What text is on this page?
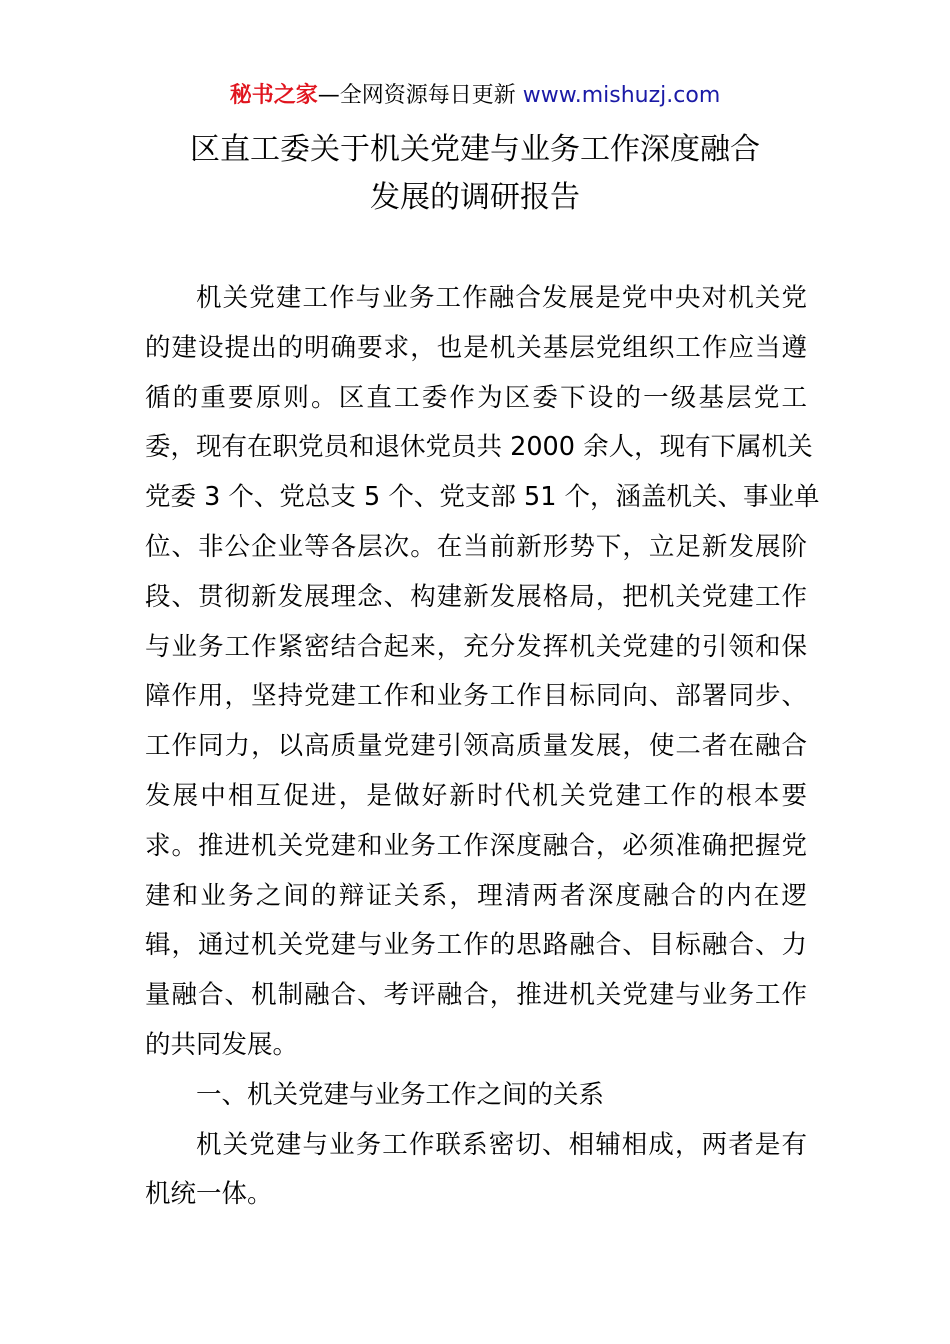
秘书之家—全网资源每日更新 www.mishuzj.com
区直工委关于机关党建与业务工作深度融合
发展的调研报告
机关党建工作与业务工作融合发展是党中央对机关党
的建设提出的明确要求，也是机关基层党组织工作应当遵
循的重要原则。区直工委作为区委下设的一级基层党工
委，现有在职党员和退休党员共 2000 余人，现有下属机关
党委 3 个、党总支 5 个、党支部 51 个，涵盖机关、事业单
位、非公企业等各层次。在当前新形势下，立足新发展阶
段、贯彻新发展理念、构建新发展格局，把机关党建工作
与业务工作紧密结合起来，充分发挥机关党建的引领和保
障作用，坚持党建工作和业务工作目标同向、部署同步、
工作同力，以高质量党建引领高质量发展，使二者在融合
发展中相互促进，是做好新时代机关党建工作的根本要
求。推进机关党建和业务工作深度融合，必须准确把握党
建和业务之间的辩证关系，理清两者深度融合的内在逻
辑，通过机关党建与业务工作的思路融合、目标融合、力
量融合、机制融合、考评融合，推进机关党建与业务工作
的共同发展。
一、机关党建与业务工作之间的关系
机关党建与业务工作联系密切、相辅相成，两者是有
机统一体。
